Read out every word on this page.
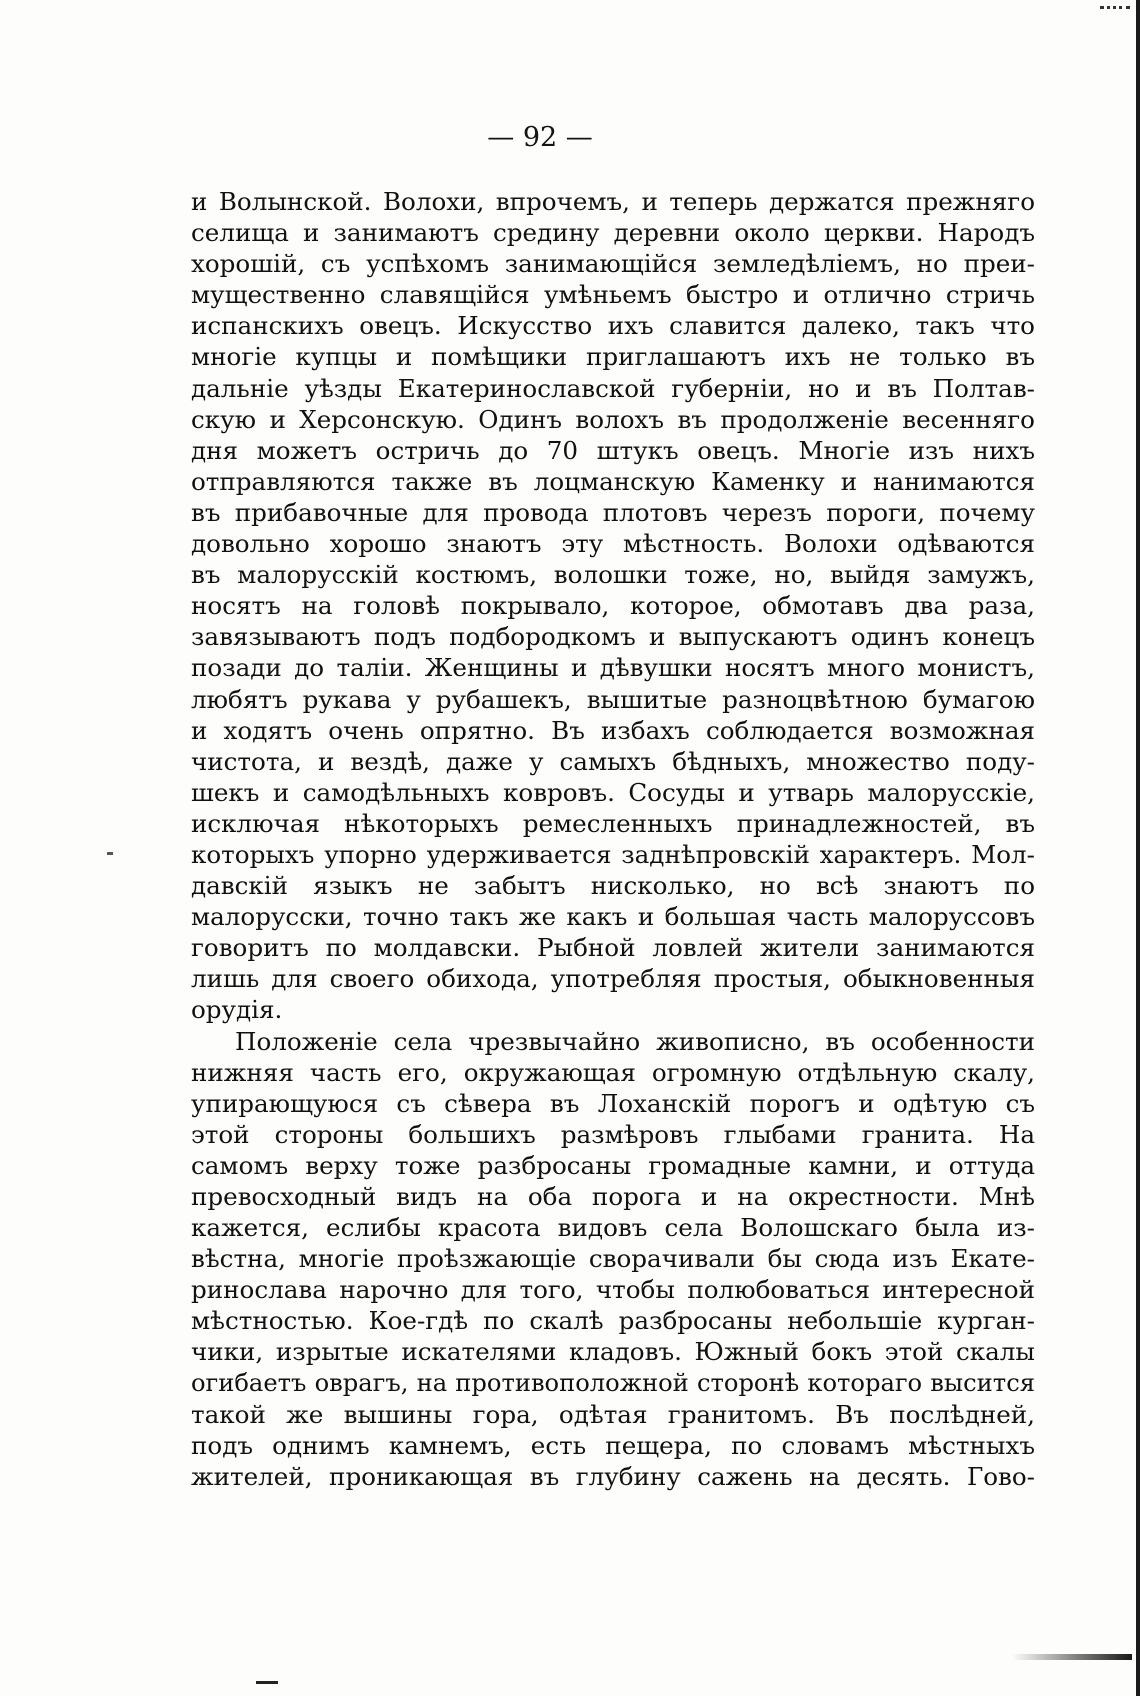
— 92 —
и Волынской. Волохи, впрочемъ, и теперь держатся прежняго
селища и занимаютъ средину деревни около церкви. Народъ
хорошій, съ успѣхомъ занимающійся земледѣліемъ, но преи-
мущественно славящійся умѣньемъ быстро и отлично стричь
испанскихъ овецъ. Искусство ихъ славится далеко, такъ что
многіе купцы и помѣщики приглашаютъ ихъ не только въ
дальніе уѣзды Екатеринославской губерніи, но и въ Полтав-
скую и Херсонскую. Одинъ волохъ въ продолженіе весенняго
дня можетъ остричь до 70 штукъ овецъ. Многіе изъ нихъ
отправляются также въ лоцманскую Каменку и нанимаются
въ прибавочные для провода плотовъ черезъ пороги, почему
довольно хорошо знаютъ эту мѣстность. Волохи одѣваются
въ малорусскій костюмъ, волошки тоже, но, выйдя замужъ,
носятъ на головѣ покрывало, которое, обмотавъ два раза,
завязываютъ подъ подбородкомъ и выпускаютъ одинъ конецъ
позади до таліи. Женщины и дѣвушки носятъ много монистъ,
любятъ рукава у рубашекъ, вышитые разноцвѣтною бумагою
и ходятъ очень опрятно. Въ избахъ соблюдается возможная
чистота, и вездѣ, даже у самыхъ бѣдныхъ, множество поду-
шекъ и самодѣльныхъ ковровъ. Сосуды и утварь малорусскіе,
исключая нѣкоторыхъ ремесленныхъ принадлежностей, въ
которыхъ упорно удерживается заднѣпровскій характеръ. Мол-
давскій языкъ не забытъ нисколько, но всѣ знаютъ по
малорусски, точно такъ же какъ и большая часть малоруссовъ
говоритъ по молдавски. Рыбной ловлей жители занимаются
лишь для своего обихода, употребляя простыя, обыкновенныя
орудія.
Положеніе села чрезвычайно живописно, въ особенности
нижняя часть его, окружающая огромную отдѣльную скалу,
упирающуюся съ сѣвера въ Лоханскій порогъ и одѣтую съ
этой стороны большихъ размѣровъ глыбами гранита. На
самомъ верху тоже разбросаны громадные камни, и оттуда
превосходный видъ на оба порога и на окрестности. Мнѣ
кажется, еслибы красота видовъ села Волошскаго была из-
вѣстна, многіе проѣзжающіе сворачивали бы сюда изъ Екате-
ринослава нарочно для того, чтобы полюбоваться интересной
мѣстностью. Кое-гдѣ по скалѣ разбросаны небольшіе курган-
чики, изрытые искателями кладовъ. Южный бокъ этой скалы
огибаетъ оврагъ, на противоположной сторонѣ котораго высится
такой же вышины гора, одѣтая гранитомъ. Въ послѣдней,
подъ однимъ камнемъ, есть пещера, по словамъ мѣстныхъ
жителей, проникающая въ глубину сажень на десять. Гово-
